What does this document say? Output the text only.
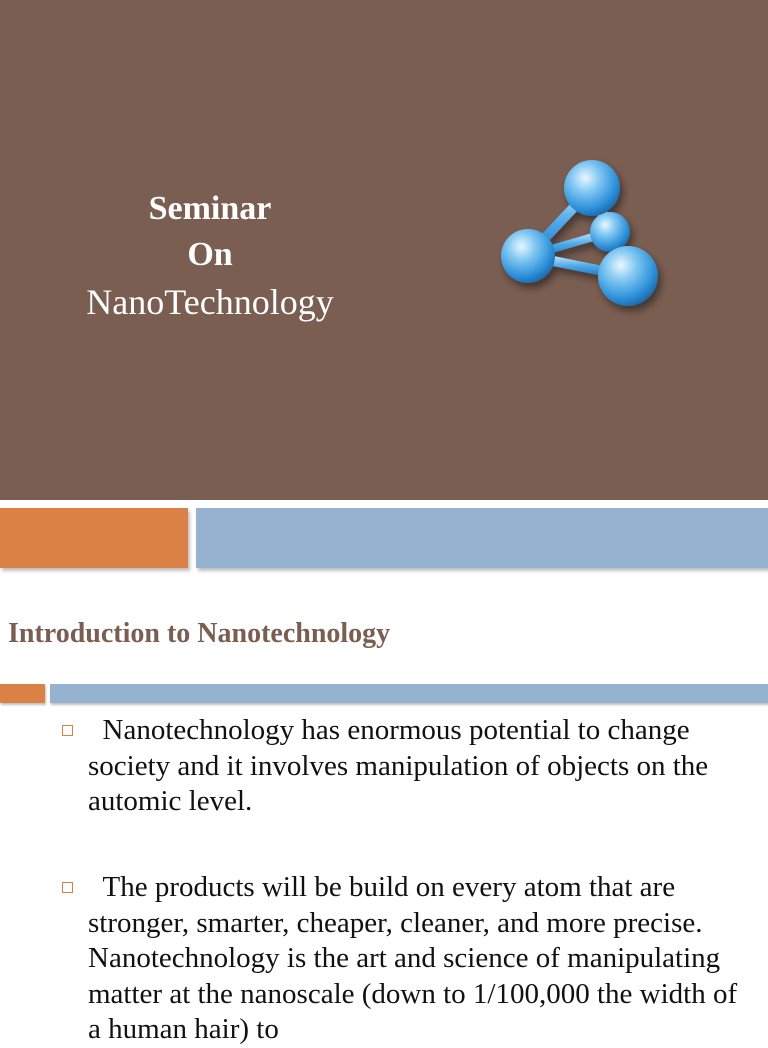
Seminar
On
NanoTechnology
Introduction to Nanotechnology
Nanotechnology has enormous potential to change society and it involves manipulation of objects on the automic level.
The products will be build on every atom that are stronger, smarter, cheaper, cleaner, and more precise. Nanotechnology is the art and science of manipulating matter at the nanoscale (down to 1/100,000 the width of a human hair) to
